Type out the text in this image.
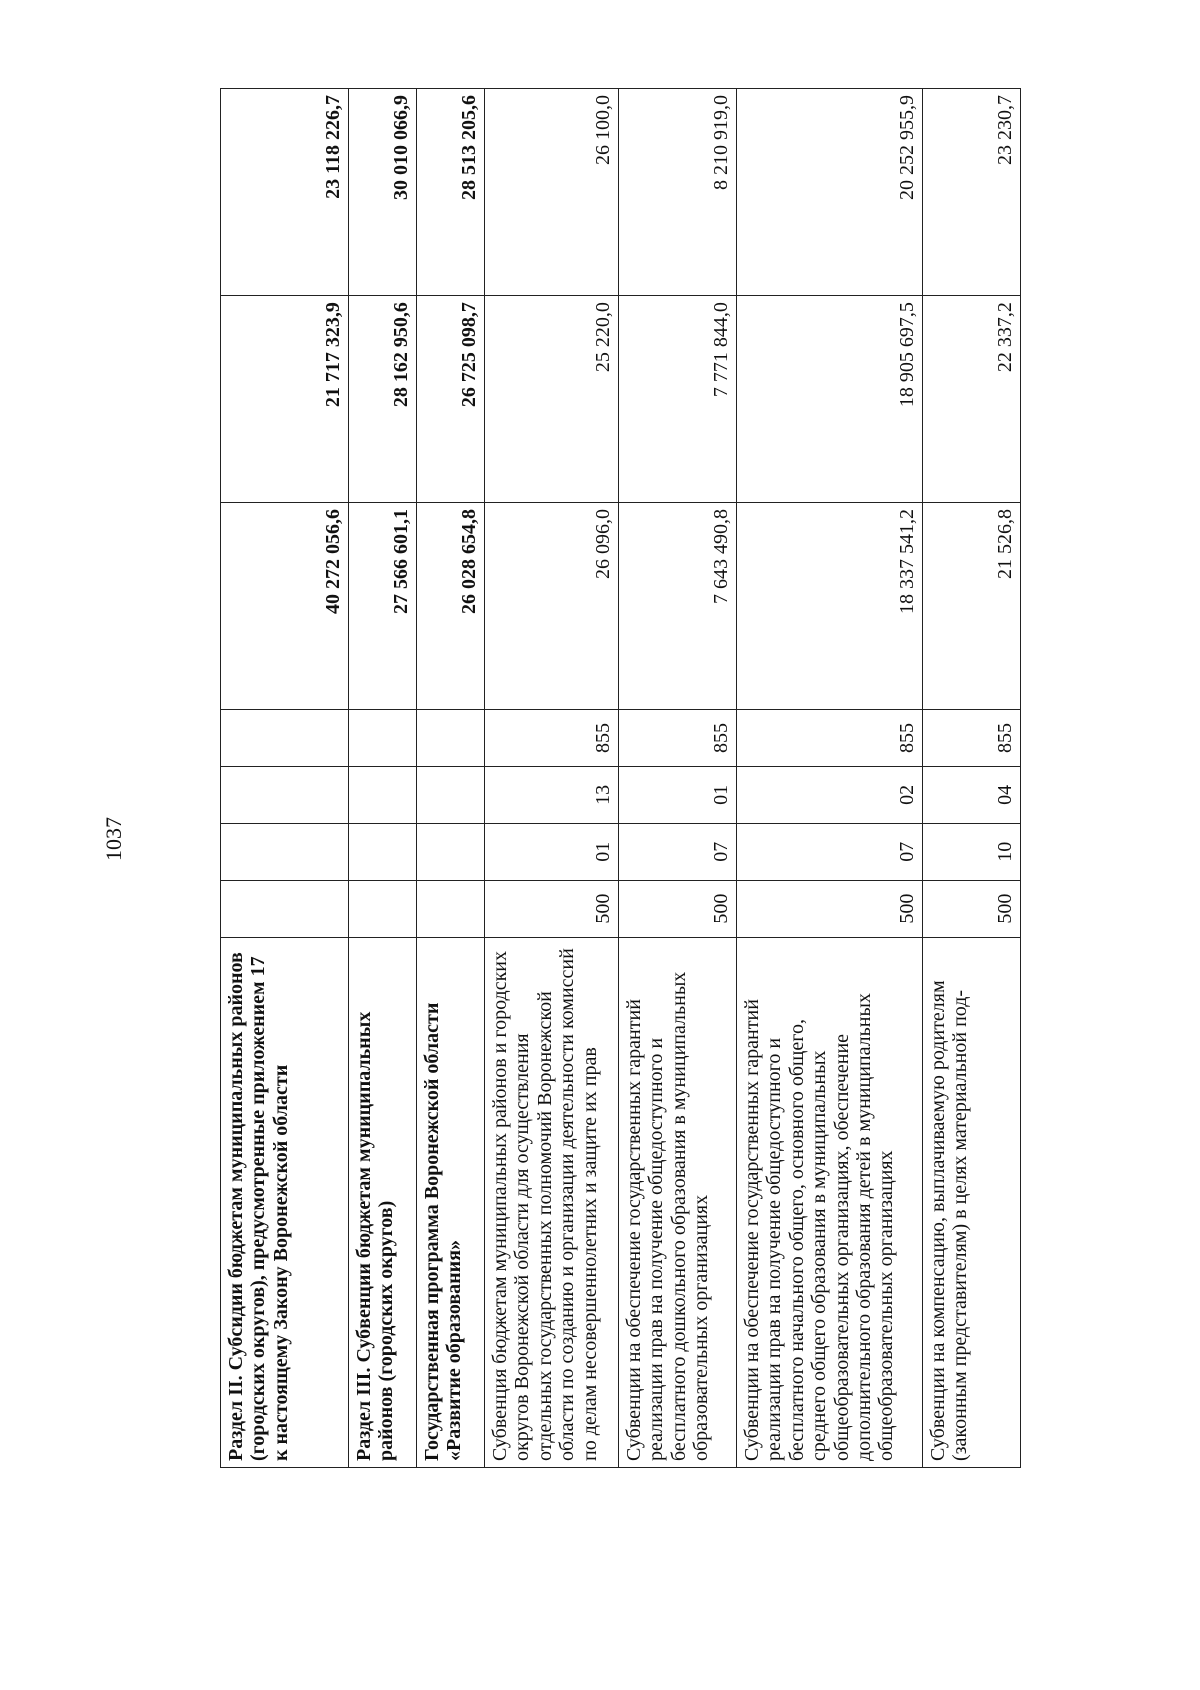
1037
Раздел II. Субсидии бюджетам муниципальных районов (городских округов), предусмотренные приложением 17 к настоящему Закону Воронежской области					40 272 056,6	21 717 323,9	23 118 226,7
Раздел III. Субвенции бюджетам муниципальных районов (городских округов)					27 566 601,1	28 162 950,6	30 010 066,9
Государственная программа Воронежской области «Развитие образования»					26 028 654,8	26 725 098,7	28 513 205,6
Субвенция бюджетам муниципальных районов и городских округов Воронежской области для осуществления отдельных государственных полномочий Воронежской области по созданию и организации деятельности комиссий по делам несовершеннолетних и защите их прав	500	01	13	855	26 096,0	25 220,0	26 100,0
Субвенции на обеспечение государственных гарантий реализации прав на получение общедоступного и бесплатного дошкольного образования в муниципальных образовательных организациях	500	07	01	855	7 643 490,8	7 771 844,0	8 210 919,0
Субвенции на обеспечение государственных гарантий реализации прав на получение общедоступного и бесплатного начального общего, основного общего, среднего общего образования в муниципальных общеобразовательных организациях, обеспечение дополнительного образования детей в муниципальных общеобразовательных организациях	500	07	02	855	18 337 541,2	18 905 697,5	20 252 955,9
Субвенции на компенсацию, выплачиваемую родителям (законным представителям) в целях материальной под-	500	10	04	855	21 526,8	22 337,2	23 230,7
